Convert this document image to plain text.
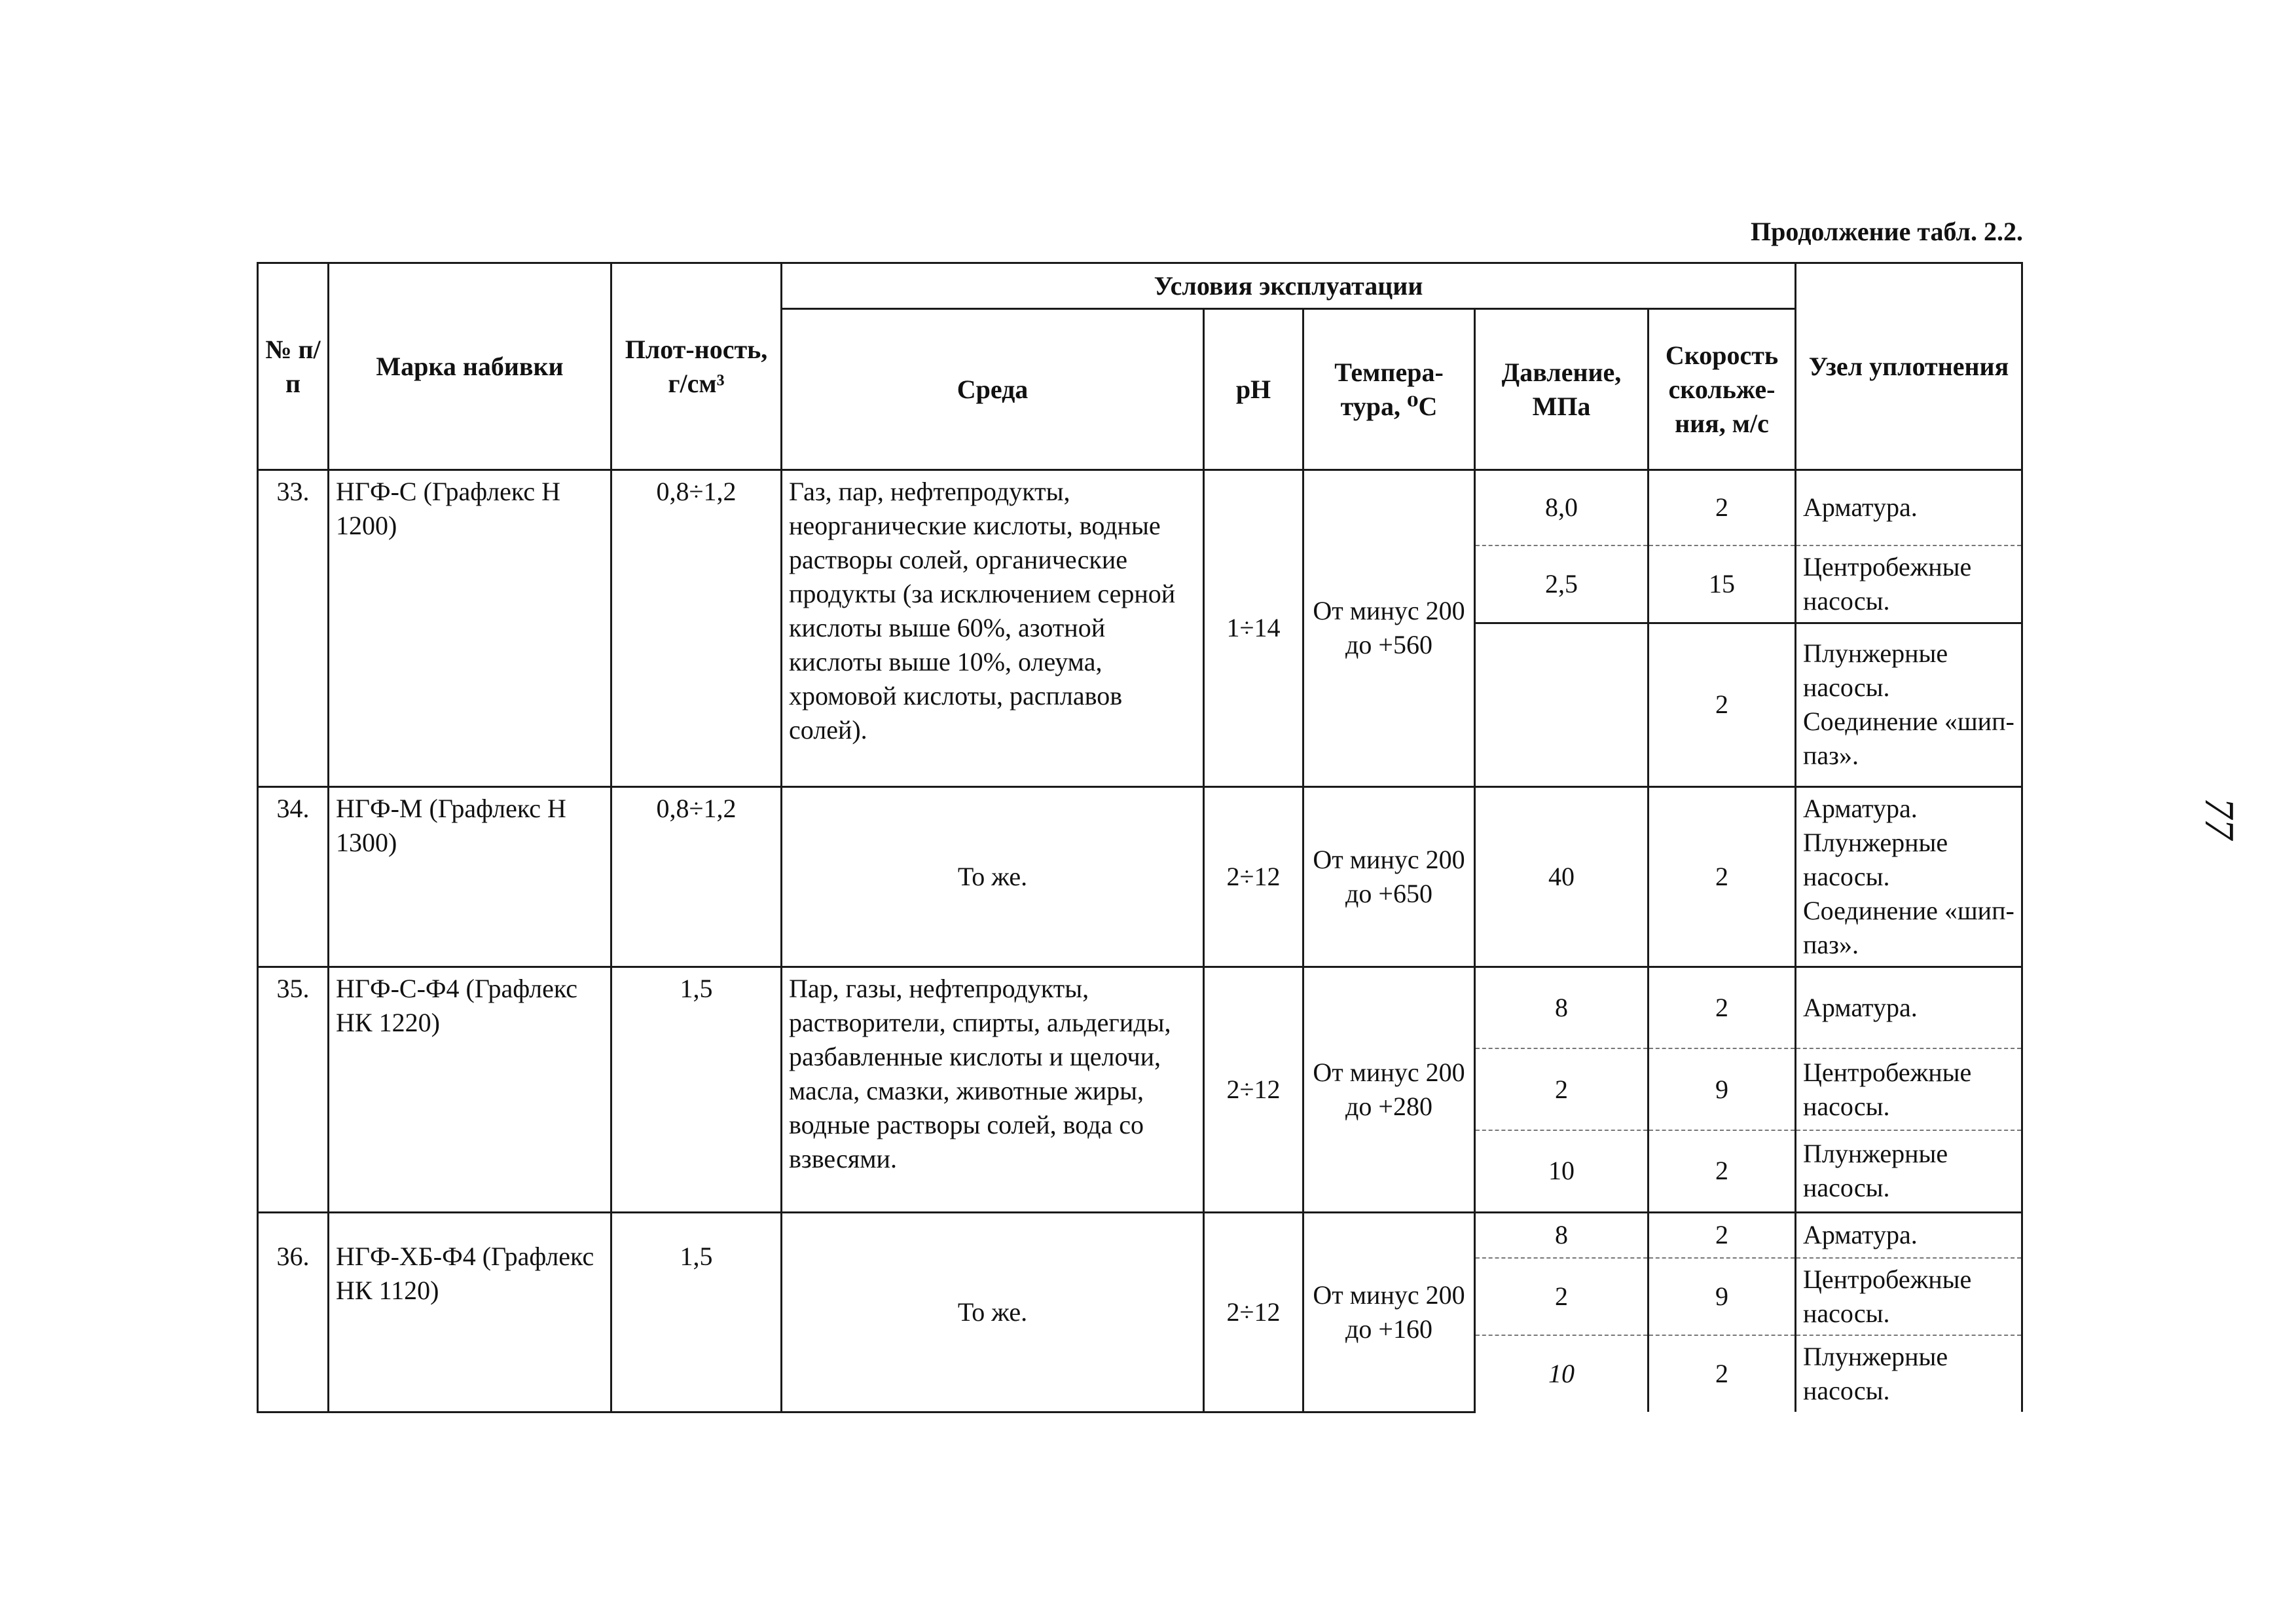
Продолжение табл. 2.2.
77
№ п/п	Марка набивки	Плот-ность, г/см³	Условия эксплуатации					Узел уплотнения
			Среда	pH	Темпера-тура, ⁰С	Давление, МПа	Скорость скольже-ния, м/с	
33.	НГФ-С (Графлекс Н 1200)	0,8÷1,2	Газ, пар, нефтепродукты, неорганические кислоты, водные растворы солей, органические продукты (за исключением серной кислоты выше 60%, азотной кислоты выше 10%, олеума, хромовой кислоты, расплавов солей).	1÷14	От минус 200 до +560	8,0	2	Арматура.
						2,5	15	Центробежные насосы.
							2	Плунжерные насосы. Соединение «шип-паз».
34.	НГФ-М (Графлекс Н 1300)	0,8÷1,2	То же.	2÷12	От минус 200 до +650	40	2	Арматура. Плунжерные насосы. Соединение «шип-паз».
35.	НГФ-С-Ф4 (Графлекс НК 1220)	1,5	Пар, газы, нефтепродукты, растворители, спирты, альдегиды, разбавленные кислоты и щелочи, масла, смазки, животные жиры, водные растворы солей, вода со взвесями.	2÷12	От минус 200 до +280	8	2	Арматура.
						2	9	Центробежные насосы.
						10	2	Плунжерные насосы.
36.	НГФ-ХБ-Ф4 (Графлекс НК 1120)	1,5	То же.	2÷12	От минус 200 до +160	8	2	Арматура.
						2	9	Центробежные насосы.
						10	2	Плунжерные насосы.
